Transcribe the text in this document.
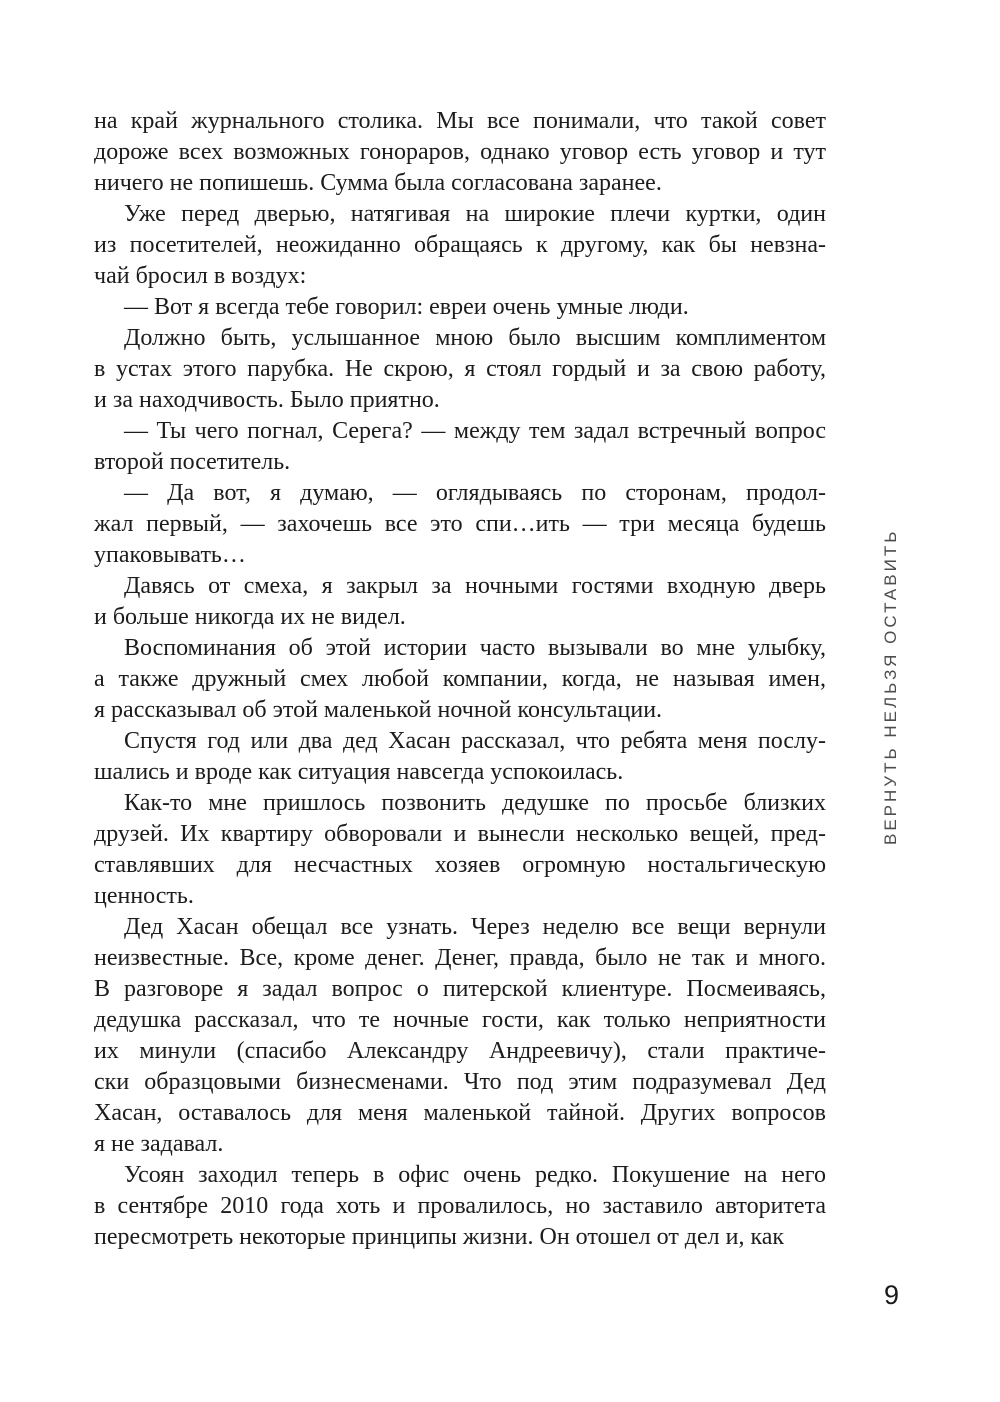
на край журнального столика. Мы все понимали, что такой совет
дороже всех возможных гонораров, однако уговор есть уговор и тут
ничего не попишешь. Сумма была согласована заранее.
Уже перед дверью, натягивая на широкие плечи куртки, один
из посетителей, неожиданно обращаясь к другому, как бы невзна-
чай бросил в воздух:
— Вот я всегда тебе говорил: евреи очень умные люди.
Должно быть, услышанное мною было высшим комплиментом
в устах этого парубка. Не скрою, я стоял гордый и за свою работу,
и за находчивость. Было приятно.
— Ты чего погнал, Серега? — между тем задал встречный вопрос
второй посетитель.
— Да вот, я думаю, — оглядываясь по сторонам, продол-
жал первый, — захочешь все это спи…ить — три месяца будешь
упаковывать…
Давясь от смеха, я закрыл за ночными гостями входную дверь
и больше никогда их не видел.
Воспоминания об этой истории часто вызывали во мне улыбку,
а также дружный смех любой компании, когда, не называя имен,
я рассказывал об этой маленькой ночной консультации.
Спустя год или два дед Хасан рассказал, что ребята меня послу-
шались и вроде как ситуация навсегда успокоилась.
Как-то мне пришлось позвонить дедушке по просьбе близких
друзей. Их квартиру обворовали и вынесли несколько вещей, пред-
ставлявших для несчастных хозяев огромную ностальгическую
ценность.
Дед Хасан обещал все узнать. Через неделю все вещи вернули
неизвестные. Все, кроме денег. Денег, правда, было не так и много.
В разговоре я задал вопрос о питерской клиентуре. Посмеиваясь,
дедушка рассказал, что те ночные гости, как только неприятности
их минули (спасибо Александру Андреевичу), стали практиче-
ски образцовыми бизнесменами. Что под этим подразумевал Дед
Хасан, оставалось для меня маленькой тайной. Других вопросов
я не задавал.
Усоян заходил теперь в офис очень редко. Покушение на него
в сентябре 2010 года хоть и провалилось, но заставило авторитета
пересмотреть некоторые принципы жизни. Он отошел от дел и, как
ВЕРНУТЬ НЕЛЬЗЯ ОСТАВИТЬ
9
